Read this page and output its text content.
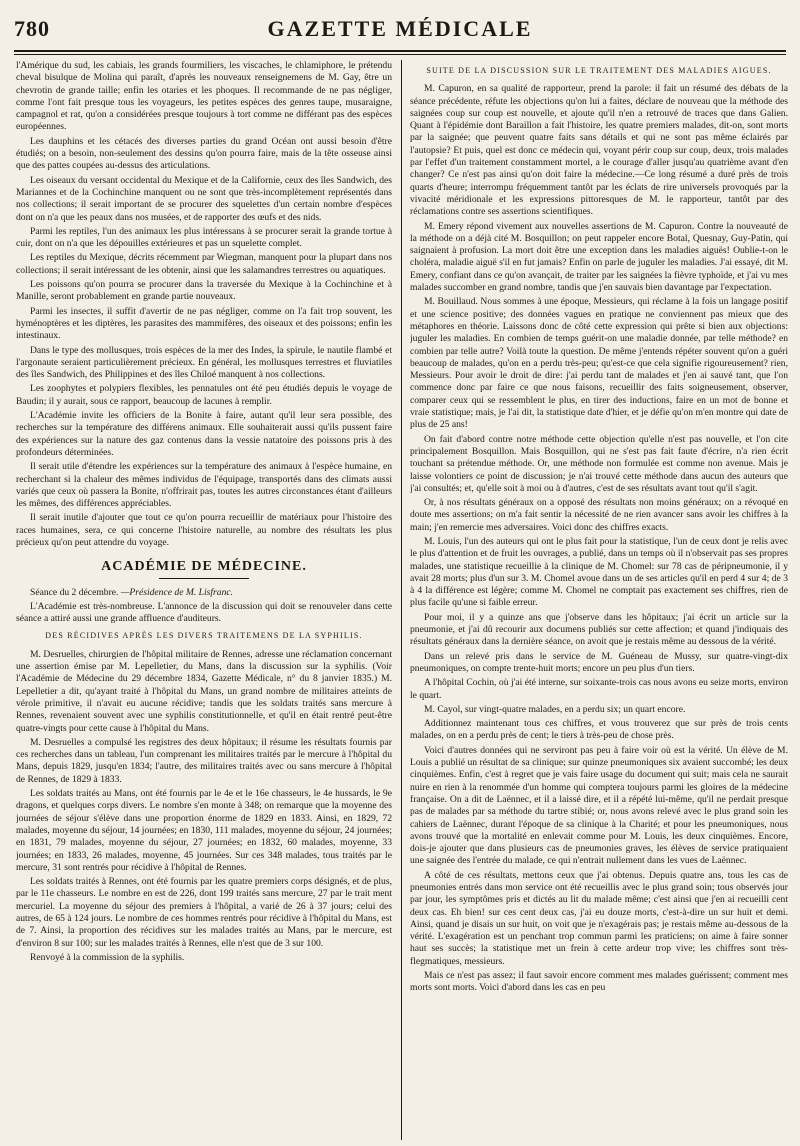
780	GAZETTE MÉDICALE

l'Amérique du sud, les cabiais, les grands fourmiliers, les viscaches, le chlamiphore, le prétendu cheval bisulque de Molina qui paraît, d'après les nouveaux renseignemens de M. Gay, être un chevrotin de grande taille; enfin les otaries et les phoques. Il recommande de ne pas négliger, comme l'ont fait presque tous les voyageurs, les petites espèces des genres taupe, musaraigne, campagnol et rat, qu'on a considérées presque toujours à tort comme ne différant pas des espèces européennes.

Les dauphins et les cétacés des diverses parties du grand Océan ont aussi besoin d'être étudiés; on a besoin, non-seulement des dessins qu'on pourra faire, mais de la tête osseuse ainsi que des pattes coupées au-dessus des articulations.

Les oiseaux du versant occidental du Mexique et de la Californie, ceux des îles Sandwich, des Mariannes et de la Cochinchine manquent ou ne sont que très-incomplètement représentés dans nos collections; il serait important de se procurer des squelettes d'un certain nombre d'espèces dont on n'a que les peaux dans nos musées, et de rapporter des œufs et des nids.

Parmi les reptiles, l'un des animaux les plus intéressans à se procurer serait la grande tortue à cuir, dont on n'a que les dépouilles extérieures et pas un squelette complet.

Les reptiles du Mexique, décrits récemment par Wiegman, manquent pour la plupart dans nos collections; il serait intéressant de les obtenir, ainsi que les salamandres terrestres ou aquatiques.

Les poissons qu'on pourra se procurer dans la traversée du Mexique à la Cochinchine et à Manille, seront probablement en grande partie nouveaux.

Parmi les insectes, il suffit d'avertir de ne pas négliger, comme on l'a fait trop souvent, les hyménoptères et les diptères, les parasites des mammifères, des oiseaux et des poissons; enfin les intestinaux.

Dans le type des mollusques, trois espèces de la mer des Indes, la spirule, le nautile flambé et l'argonaute seraient particulièrement précieux. En général, les mollusques terrestres et fluviatiles des îles Sandwich, des Philippines et des îles Chiloé manquent à nos collections.

Les zoophytes et polypiers flexibles, les pennatules ont été peu étudiés depuis le voyage de Baudin; il y aurait, sous ce rapport, beaucoup de lacunes à remplir.

L'Académie invite les officiers de la Bonite à faire, autant qu'il leur sera possible, des recherches sur la température des différens animaux. Elle souhaiterait aussi qu'ils pussent faire des expériences sur la nature des gaz contenus dans la vessie natatoire des poissons pris à des profondeurs déterminées.

Il serait utile d'étendre les expériences sur la température des animaux à l'espèce humaine, en recherchant si la chaleur des mêmes individus de l'équipage, transportés dans des climats aussi variés que ceux où passera la Bonite, n'offrirait pas, toutes les autres circonstances étant d'ailleurs les mêmes, des différences appréciables.

Il serait inutile d'ajouter que tout ce qu'on pourra recueillir de matériaux pour l'histoire des races humaines, sera, ce qui concerne l'histoire naturelle, au nombre des résultats les plus précieux qu'on peut attendre du voyage.

ACADÉMIE DE MÉDECINE.

Séance du 2 décembre. —Présidence de M. Lisfranc.

L'Académie est très-nombreuse. L'annonce de la discussion qui doit se renouveler dans cette séance a attiré aussi une grande affluence d'auditeurs.

DES RÉCIDIVES APRÈS LES DIVERS TRAITEMENS DE LA SYPHILIS.

M. Desruelles, chirurgien de l'hôpital militaire de Rennes, adresse une réclamation concernant une assertion émise par M. Lepelletier, du Mans, dans la discussion sur la syphilis. (Voir l'Académie de Médecine du 29 décembre 1834, Gazette Médicale, n° du 8 janvier 1835.) M. Lepelletier a dit, qu'ayant traité à l'hôpital du Mans, un grand nombre de militaires atteints de vérole primitive, il n'avait eu aucune récidive; tandis que les soldats traités sans mercure à Rennes, revenaient souvent avec une syphilis constitutionnelle, et qu'il en était rentré peut-être quatre-vingts pour cette cause à l'hôpital du Mans.

M. Desruelles a compulsé les registres des deux hôpitaux; il résume les résultats fournis par ces recherches dans un tableau, l'un comprenant les militaires traités par le mercure à l'hôpital du Mans, depuis 1829, jusqu'en 1834; l'autre, des militaires traités avec ou sans mercure à l'hôpital de Rennes, de 1829 à 1833.

Les soldats traités au Mans, ont été fournis par le 4e et le 16e chasseurs, le 4e hussards, le 9e dragons, et quelques corps divers. Le nombre s'en monte à 348; on remarque que la moyenne des journées de séjour s'élève dans une proportion énorme de 1829 en 1833. Ainsi, en 1829, 72 malades, moyenne du séjour, 14 journées; en 1830, 111 malades, moyenne du séjour, 24 journées; en 1831, 79 malades, moyenne du séjour, 27 journées; en 1832, 60 malades, moyenne, 33 journées; en 1833, 26 malades, moyenne, 45 journées. Sur ces 348 malades, tous traités par le mercure, 31 sont rentrés pour récidive à l'hôpital de Rennes.

Les soldats traités à Rennes, ont été fournis par les quatre premiers corps désignés, et de plus, par le 11e chasseurs. Le nombre en est de 226, dont 199 traités sans mercure, 27 par le trait ment mercuriel. La moyenne du séjour des premiers à l'hôpital, a varié de 26 à 37 jours; celui des autres, de 65 à 124 jours. Le nombre de ces hommes rentrés pour récidive à l'hôpital du Mans, est de 7. Ainsi, la proportion des récidives sur les malades traités au Mans, par le mercure, est d'environ 8 sur 100; sur les malades traités à Rennes, elle n'est que de 3 sur 100.

Renvoyé à la commission de la syphilis.

SUITE DE LA DISCUSSION SUR LE TRAITEMENT DES MALADIES AIGUES.

M. Capuron, en sa qualité de rapporteur, prend la parole: il fait un résumé des débats de la séance précédente, réfute les objections qu'on lui a faites, déclare de nouveau que la méthode des saignées coup sur coup est nouvelle, et ajoute qu'il n'en a retrouvé de traces que dans Galien. Quant à l'épidémie dont Baraillon a fait l'histoire, les quatre premiers malades, dit-on, sont morts par la saignée; que peuvent quatre faits sans détails et qui ne sont pas même éclairés par l'autopsie? Et puis, quel est donc ce médecin qui, voyant périr coup sur coup, deux, trois malades par l'effet d'un traitement constamment mortel, a le courage d'aller jusqu'au quatrième avant d'en changer? Ce n'est pas ainsi qu'on doit faire la médecine.—Ce long résumé a duré près de trois quarts d'heure; interrompu fréquemment tantôt par les éclats de rire universels provoqués par la vivacité méridionale et les expressions pittoresques de M. le rapporteur, tantôt par des réclamations contre ses assertions scientifiques.

M. Emery répond vivement aux nouvelles assertions de M. Capuron. Contre la nouveauté de la méthode on a déjà cité M. Bosquillon; on peut rappeler encore Botal, Quesnay, Guy-Patin, qui saignaient à profusion. La mort doit être une exception dans les maladies aiguës! Oublie-t-on le choléra, maladie aiguë s'il en fut jamais? Enfin on parle de juguler les maladies. J'ai essayé, dit M. Emery, confiant dans ce qu'on avançait, de traiter par les saignées la fièvre typhoïde, et j'ai vu mes malades succomber en grand nombre, tandis que j'en sauvais bien davantage par l'expectation.

M. Bouillaud. Nous sommes à une époque, Messieurs, qui réclame à la fois un langage positif et une science positive; des données vagues en pratique ne conviennent pas mieux que des métaphores en théorie. Laissons donc de côté cette expression qui prête si bien aux objections: juguler les maladies. En combien de temps guérit-on une maladie donnée, par telle méthode? en combien par telle autre? Voilà toute la question. De même j'entends répéter souvent qu'on a guéri beaucoup de malades, qu'on en a perdu très-peu; qu'est-ce que cela signifie rigoureusement? rien, Messieurs. Pour avoir le droit de dire: j'ai perdu tant de malades et j'en ai sauvé tant, que l'on commence donc par faire ce que nous faisons, recueillir des faits soigneusement, observer, comparer ceux qui se ressemblent le plus, en tirer des inductions, faire en un mot de bonne et vraie statistique; mais, je l'ai dit, la statistique date d'hier, et je défie qu'on m'en montre qui date de plus de 25 ans!

On fait d'abord contre notre méthode cette objection qu'elle n'est pas nouvelle, et l'on cite principalement Bosquillon. Mais Bosquillon, qui ne s'est pas fait faute d'écrire, n'a rien écrit touchant sa prétendue méthode. Or, une méthode non formulée est comme non avenue. Mais je laisse volontiers ce point de discussion; je n'ai trouvé cette méthode dans aucun des auteurs que j'ai consultés; et, qu'elle soit à moi ou à d'autres, c'est de ses résultats avant tout qu'il s'agit.

Or, à nos résultats généraux on a opposé des résultats non moins généraux; on a révoqué en doute mes assertions; on m'a fait sentir la nécessité de ne rien avancer sans avoir les chiffres à la main; j'en remercie mes adversaires. Voici donc des chiffres exacts.

M. Louis, l'un des auteurs qui ont le plus fait pour la statistique, l'un de ceux dont je relis avec le plus d'attention et de fruit les ouvrages, a publié, dans un temps où il n'observait pas ses propres malades, une statistique recueillie à la clinique de M. Chomel: sur 78 cas de péripneumonie, il y avait 28 morts; plus d'un sur 3. M. Chomel avoue dans un de ses articles qu'il en perd 4 sur 4; de 3 à 4 la différence est légère; comme M. Chomel ne comptait pas exactement ses chiffres, rien de plus facile qu'une si faible erreur.

Pour moi, il y a quinze ans que j'observe dans les hôpitaux; j'ai écrit un article sur la pneumonie, et j'ai dû recourir aux documens publiés sur cette affection; et quand j'indiquais des résultats généraux dans la dernière séance, on avoit que je restais même au dessous de la vérité.

Dans un relevé pris dans le service de M. Guéneau de Mussy, sur quatre-vingt-dix pneumoniques, on compte trente-huit morts; encore un peu plus d'un tiers.

A l'hôpital Cochin, où j'ai été interne, sur soixante-trois cas nous avons eu seize morts, environ le quart.

M. Cayol, sur vingt-quatre malades, en a perdu six; un quart encore.

Additionnez maintenant tous ces chiffres, et vous trouverez que sur près de trois cents malades, on en a perdu près de cent; le tiers à très-peu de chose près.

Voici d'autres données qui ne serviront pas peu à faire voir où est la vérité. Un élève de M. Louis a publié un résultat de sa clinique; sur quinze pneumoniques six avaient succombé; les deux cinquièmes. Enfin, c'est à regret que je vais faire usage du document qui suit; mais cela ne saurait nuire en rien à la renommée d'un homme qui comptera toujours parmi les gloires de la médecine française. On a dit de Laënnec, et il a laissé dire, et il a répété lui-même, qu'il ne perdait presque pas de malades par sa méthode du tartre stibié; or, nous avons relevé avec le plus grand soin les cahiers de Laënnec, durant l'époque de sa clinique à la Charité; et pour les pneumoniques, nous avons trouvé que la mortalité en enlevait comme pour M. Louis, les deux cinquièmes. Encore, dois-je ajouter que dans plusieurs cas de pneumonies graves, les élèves de service pratiquaient une saignée des l'entrée du malade, ce qui n'entrait nullement dans les vues de Laënnec.

A côté de ces résultats, mettons ceux que j'ai obtenus. Depuis quatre ans, tous les cas de pneumonies entrés dans mon service ont été recueillis avec le plus grand soin; tous observés jour par jour, les symptômes pris et dictés au lit du malade même; c'est ainsi que j'en ai recueilli cent deux cas. Eh bien! sur ces cent deux cas, j'ai eu douze morts, c'est-à-dire un sur huit et demi. Ainsi, quand je disais un sur huit, on voit que je n'exagérais pas; je restais même au-dessous de la vérité. L'exagération est un penchant trop commun parmi les praticiens; on aime à faire sonner haut ses succès; la statistique met un frein à cette ardeur trop vive; les chiffres sont très-flegmatiques, messieurs.

Mais ce n'est pas assez; il faut savoir encore comment mes malades guérissent; comment mes morts sont morts. Voici d'abord dans les cas en peu
